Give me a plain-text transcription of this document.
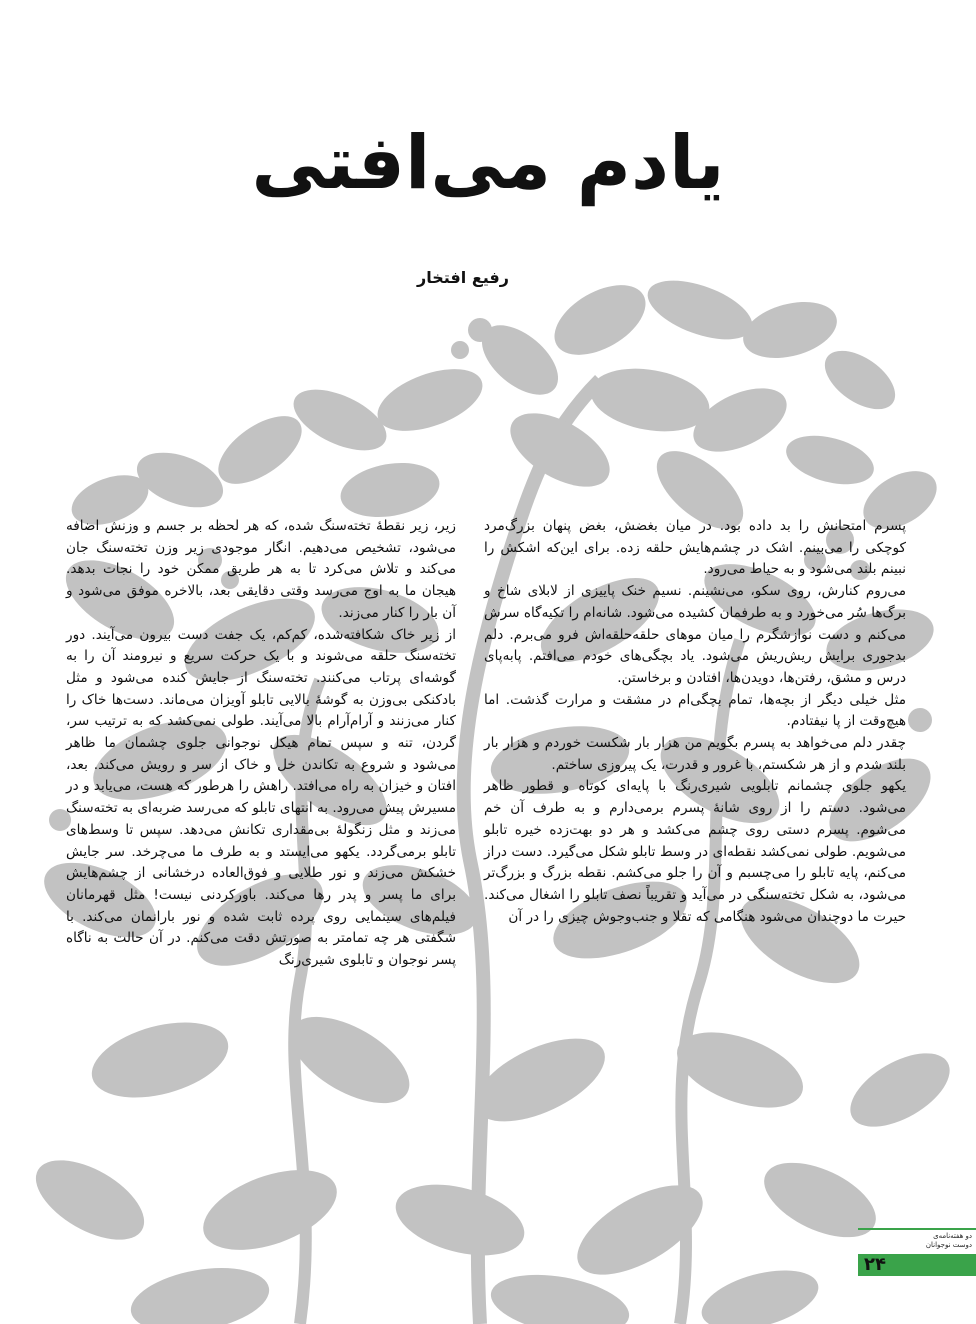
یادم می‌افتی
رفیع افتخار

پسرم امتحانش را بد داده بود. در میان بغضش، بغض پنهان بزرگ‌مرد کوچکی را می‌بینم. اشک در چشم‌هایش حلقه زده. برای این‌که اشکش را نبینم بلند می‌شود و به حیاط می‌رود.

می‌روم کنارش، روی سکو، می‌نشینم. نسیم خنک پاییزی از لابلای شاخ و برگ‌ها سُر می‌خورد و به طرفمان کشیده می‌شود. شانه‌ام را تکیه‌گاه سرش می‌کنم و دست نوازشگرم را میان موهای حلقه‌حلقه‌اش فرو می‌برم. دلم بدجوری برایش ریش‌ریش می‌شود. یاد بچگی‌های خودم می‌افتم. پابه‌پای درس و مشق، رفتن‌ها، دویدن‌ها، افتادن و برخاستن.

مثل خیلی دیگر از بچه‌ها، تمام بچگی‌ام در مشقت و مرارت گذشت. اما هیچ‌وقت از پا نیفتادم.

چقدر دلم می‌خواهد به پسرم بگویم من هزار بار شکست خوردم و هزار بار بلند شدم و از هر شکستم، با غرور و قدرت، یک پیروزی ساختم.

یکهو جلوی چشمانم تابلویی شیری‌رنگ با پایه‌ای کوتاه و قطور ظاهر می‌شود. دستم را از روی شانهٔ پسرم برمی‌دارم و به طرف آن خم می‌شوم. پسرم دستی روی چشم می‌کشد و هر دو بهت‌زده خیره تابلو می‌شویم. طولی نمی‌کشد نقطه‌ای در وسط تابلو شکل می‌گیرد. دست دراز می‌کنم، پایه تابلو را می‌چسبم و آن را جلو می‌کشم. نقطه بزرگ و بزرگ‌تر می‌شود، به شکل تخته‌سنگی در می‌آید و تقریباً نصف تابلو را اشغال می‌کند. حیرت ما دوچندان می‌شود هنگامی که تقلا و جنب‌وجوش چیزی را در آن

زیر، زیر نقطهٔ تخته‌سنگ شده، که هر لحظه بر جسم و وزنش اضافه می‌شود، تشخیص می‌دهیم. انگار موجودی زیر وزن تخته‌سنگ جان می‌کند و تلاش می‌کرد تا به هر طریق ممکن خود را نجات بدهد. هیجان ما به اوج می‌رسد وقتی دقایقی بعد، بالاخره موفق می‌شود و آن بار را کنار می‌زند.

از زیر خاک شکافته‌شده، کم‌کم، یک جفت دست بیرون می‌آیند. دور تخته‌سنگ حلقه می‌شوند و با یک حرکت سریع و نیرومند آن را به گوشه‌ای پرتاب می‌کنند. تخته‌سنگ از جایش کنده می‌شود و مثل بادکنکی بی‌وزن به گوشهٔ بالایی تابلو آویزان می‌ماند. دست‌ها خاک را کنار می‌زنند و آرام‌آرام بالا می‌آیند. طولی نمی‌کشد که به ترتیب سر، گردن، تنه و سپس تمام هیکل نوجوانی جلوی چشمان ما ظاهر می‌شود و شروع به تکاندن خل و خاک از سر و رویش می‌کند. بعد، افتان و خیزان به راه می‌افتد. راهش را هرطور که هست، می‌یابد و در مسیرش پیش می‌رود. به انتهای تابلو که می‌رسد ضربه‌ای به تخته‌سنگ می‌زند و مثل زنگولهٔ بی‌مقداری تکانش می‌دهد. سپس تا وسط‌های تابلو برمی‌گردد. یکهو می‌ایستد و به طرف ما می‌چرخد. سر جایش خشکش می‌زند و نور طلایی و فوق‌العاده درخشانی از چشم‌هایش برای ما پسر و پدر رها می‌کند. باورکردنی نیست! مثل قهرمانان فیلم‌های سینمایی روی پرده ثابت شده و نور بارانمان می‌کند. با شگفتی هر چه تمامتر به صورتش دقت می‌کنم. در آن حالت به ناگاه پسر نوجوان و تابلوی شیری‌رنگ

دو هفته‌نامه‌ی
دوست نوجوانان
۲۴
